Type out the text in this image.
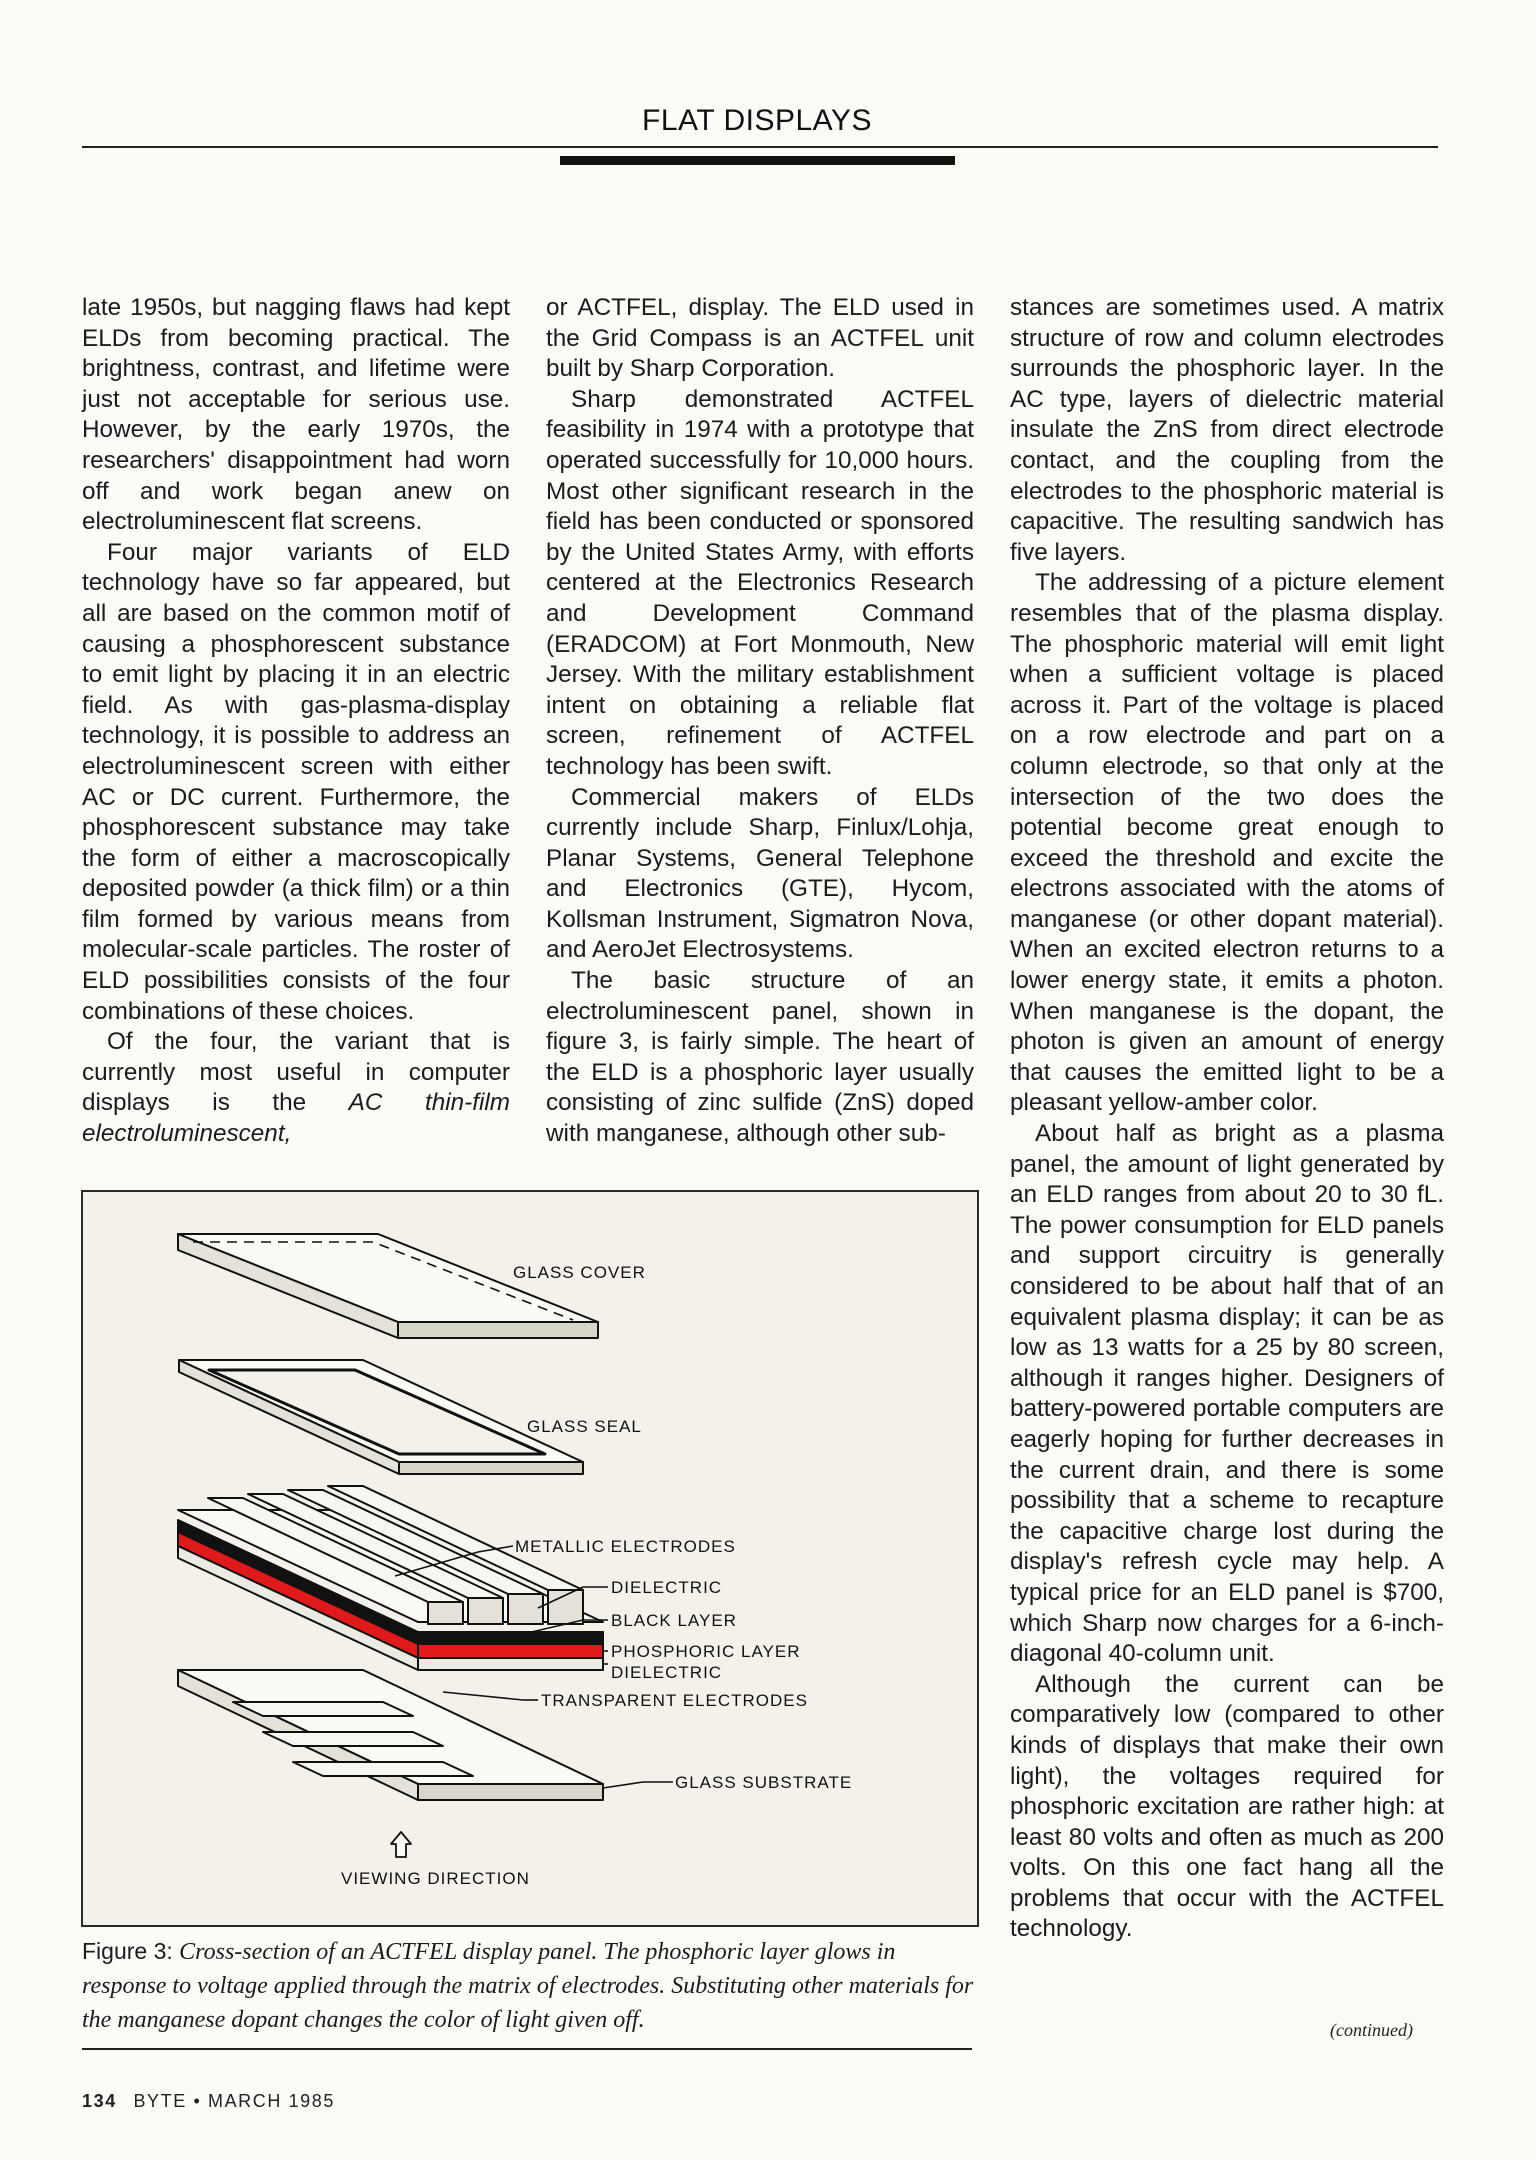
FLAT DISPLAYS

late 1950s, but nagging flaws had kept ELDs from becoming practical. The brightness, contrast, and lifetime were just not acceptable for serious use. However, by the early 1970s, the researchers' disappointment had worn off and work began anew on electroluminescent flat screens.

Four major variants of ELD technology have so far appeared, but all are based on the common motif of causing a phosphorescent substance to emit light by placing it in an electric field. As with gas-plasma-display technology, it is possible to address an electroluminescent screen with either AC or DC current. Furthermore, the phosphorescent substance may take the form of either a macroscopically deposited powder (a thick film) or a thin film formed by various means from molecular-scale particles. The roster of ELD possibilities consists of the four combinations of these choices.

Of the four, the variant that is currently most useful in computer displays is the AC thin-film electroluminescent,

or ACTFEL, display. The ELD used in the Grid Compass is an ACTFEL unit built by Sharp Corporation.

Sharp demonstrated ACTFEL feasibility in 1974 with a prototype that operated successfully for 10,000 hours. Most other significant research in the field has been conducted or sponsored by the United States Army, with efforts centered at the Electronics Research and Development Command (ERADCOM) at Fort Monmouth, New Jersey. With the military establishment intent on obtaining a reliable flat screen, refinement of ACTFEL technology has been swift.

Commercial makers of ELDs currently include Sharp, Finlux/Lohja, Planar Systems, General Telephone and Electronics (GTE), Hycom, Kollsman Instrument, Sigmatron Nova, and AeroJet Electrosystems.

The basic structure of an electroluminescent panel, shown in figure 3, is fairly simple. The heart of the ELD is a phosphoric layer usually consisting of zinc sulfide (ZnS) doped with manganese, although other sub-

stances are sometimes used. A matrix structure of row and column electrodes surrounds the phosphoric layer. In the AC type, layers of dielectric material insulate the ZnS from direct electrode contact, and the coupling from the electrodes to the phosphoric material is capacitive. The resulting sandwich has five layers.

The addressing of a picture element resembles that of the plasma display. The phosphoric material will emit light when a sufficient voltage is placed across it. Part of the voltage is placed on a row electrode and part on a column electrode, so that only at the intersection of the two does the potential become great enough to exceed the threshold and excite the electrons associated with the atoms of manganese (or other dopant material). When an excited electron returns to a lower energy state, it emits a photon. When manganese is the dopant, the photon is given an amount of energy that causes the emitted light to be a pleasant yellow-amber color.

About half as bright as a plasma panel, the amount of light generated by an ELD ranges from about 20 to 30 fL. The power consumption for ELD panels and support circuitry is generally considered to be about half that of an equivalent plasma display; it can be as low as 13 watts for a 25 by 80 screen, although it ranges higher. Designers of battery-powered portable computers are eagerly hoping for further decreases in the current drain, and there is some possibility that a scheme to recapture the capacitive charge lost during the display's refresh cycle may help. A typical price for an ELD panel is $700, which Sharp now charges for a 6-inch-diagonal 40-column unit.

Although the current can be comparatively low (compared to other kinds of displays that make their own light), the voltages required for phosphoric excitation are rather high: at least 80 volts and often as much as 200 volts. On this one fact hang all the problems that occur with the ACTFEL technology.

GLASS COVER
GLASS SEAL
METALLIC ELECTRODES
DIELECTRIC
BLACK LAYER
PHOSPHORIC LAYER
DIELECTRIC
TRANSPARENT ELECTRODES
GLASS SUBSTRATE
VIEWING DIRECTION
Figure 3: Cross-section of an ACTFEL display panel. The phosphoric layer glows in response to voltage applied through the matrix of electrodes. Substituting other materials for the manganese dopant changes the color of light given off.
134 BYTE • MARCH 1985
(continued)
